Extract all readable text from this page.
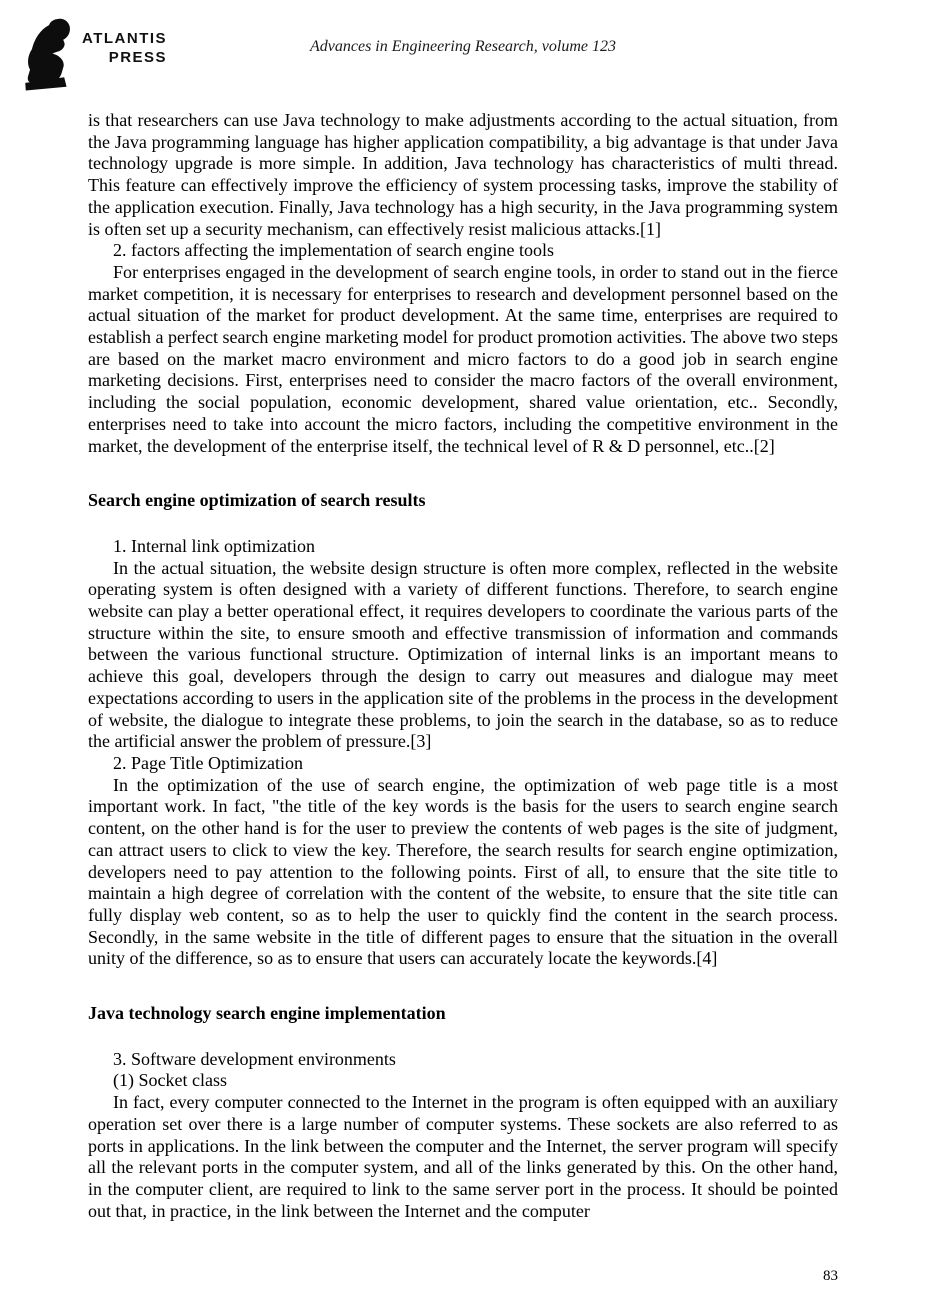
ATLANTIS
PRESS
Advances in Engineering Research, volume 123

is that researchers can use Java technology to make adjustments according to the actual situation, from the Java programming language has higher application compatibility, a big advantage is that under Java technology upgrade is more simple. In addition, Java technology has characteristics of multi thread. This feature can effectively improve the efficiency of system processing tasks, improve the stability of the application execution. Finally, Java technology has a high security, in the Java programming system is often set up a security mechanism, can effectively resist malicious attacks.[1]

2. factors affecting the implementation of search engine tools

For enterprises engaged in the development of search engine tools, in order to stand out in the fierce market competition, it is necessary for enterprises to research and development personnel based on the actual situation of the market for product development. At the same time, enterprises are required to establish a perfect search engine marketing model for product promotion activities. The above two steps are based on the market macro environment and micro factors to do a good job in search engine marketing decisions. First, enterprises need to consider the macro factors of the overall environment, including the social population, economic development, shared value orientation, etc.. Secondly, enterprises need to take into account the micro factors, including the competitive environment in the market, the development of the enterprise itself, the technical level of R & D personnel, etc..[2]

Search engine optimization of search results

1. Internal link optimization

In the actual situation, the website design structure is often more complex, reflected in the website operating system is often designed with a variety of different functions. Therefore, to search engine website can play a better operational effect, it requires developers to coordinate the various parts of the structure within the site, to ensure smooth and effective transmission of information and commands between the various functional structure. Optimization of internal links is an important means to achieve this goal, developers through the design to carry out measures and dialogue may meet expectations according to users in the application site of the problems in the process in the development of website, the dialogue to integrate these problems, to join the search in the database, so as to reduce the artificial answer the problem of pressure.[3]

2. Page Title Optimization

In the optimization of the use of search engine, the optimization of web page title is a most important work. In fact, "the title of the key words is the basis for the users to search engine search content, on the other hand is for the user to preview the contents of web pages is the site of judgment, can attract users to click to view the key. Therefore, the search results for search engine optimization, developers need to pay attention to the following points. First of all, to ensure that the site title to maintain a high degree of correlation with the content of the website, to ensure that the site title can fully display web content, so as to help the user to quickly find the content in the search process. Secondly, in the same website in the title of different pages to ensure that the situation in the overall unity of the difference, so as to ensure that users can accurately locate the keywords.[4]

Java technology search engine implementation

3. Software development environments

(1) Socket class

In fact, every computer connected to the Internet in the program is often equipped with an auxiliary operation set over there is a large number of computer systems. These sockets are also referred to as ports in applications. In the link between the computer and the Internet, the server program will specify all the relevant ports in the computer system, and all of the links generated by this. On the other hand, in the computer client, are required to link to the same server port in the process. It should be pointed out that, in practice, in the link between the Internet and the computer

83
